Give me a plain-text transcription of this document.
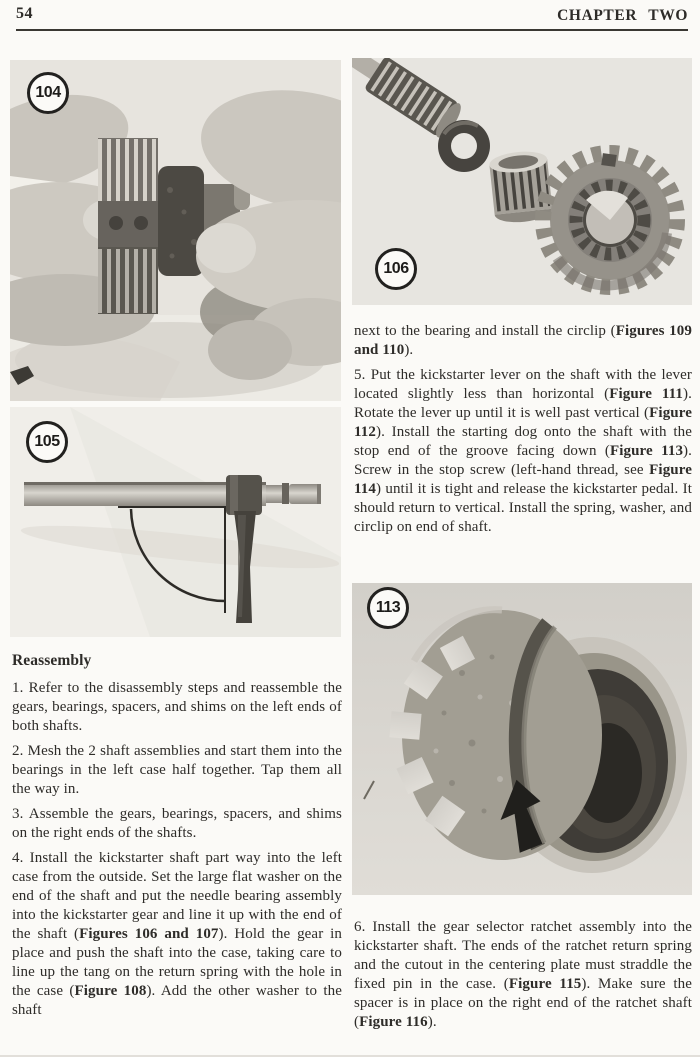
54	CHAPTER TWO
Reassembly

1. Refer to the disassembly steps and reassemble the gears, bearings, spacers, and shims on the left ends of both shafts.

2. Mesh the 2 shaft assemblies and start them into the bearings in the left case half together. Tap them all the way in.

3. Assemble the gears, bearings, spacers, and shims on the right ends of the shafts.

4. Install the kickstarter shaft part way into the left case from the outside. Set the large flat washer on the end of the shaft and put the needle bearing assembly into the kickstarter gear and line it up with the end of the shaft (Figures 106 and 107). Hold the gear in place and push the shaft into the case, taking care to line up the tang on the return spring with the hole in the case (Figure 108). Add the other washer to the shaft

next to the bearing and install the circlip (Figures 109 and 110).

5. Put the kickstarter lever on the shaft with the lever located slightly less than horizontal (Figure 111). Rotate the lever up until it is well past vertical (Figure 112). Install the starting dog onto the shaft with the stop end of the groove facing down (Figure 113). Screw in the stop screw (left-hand thread, see Figure 114) until it is tight and release the kickstarter pedal. It should return to vertical. Install the spring, washer, and circlip on end of shaft.

6. Install the gear selector ratchet assembly into the kickstarter shaft. The ends of the ratchet return spring and the cutout in the centering plate must straddle the fixed pin in the case. (Figure 115). Make sure the spacer is in place on the right end of the ratchet shaft (Figure 116).

104
105
106
113
